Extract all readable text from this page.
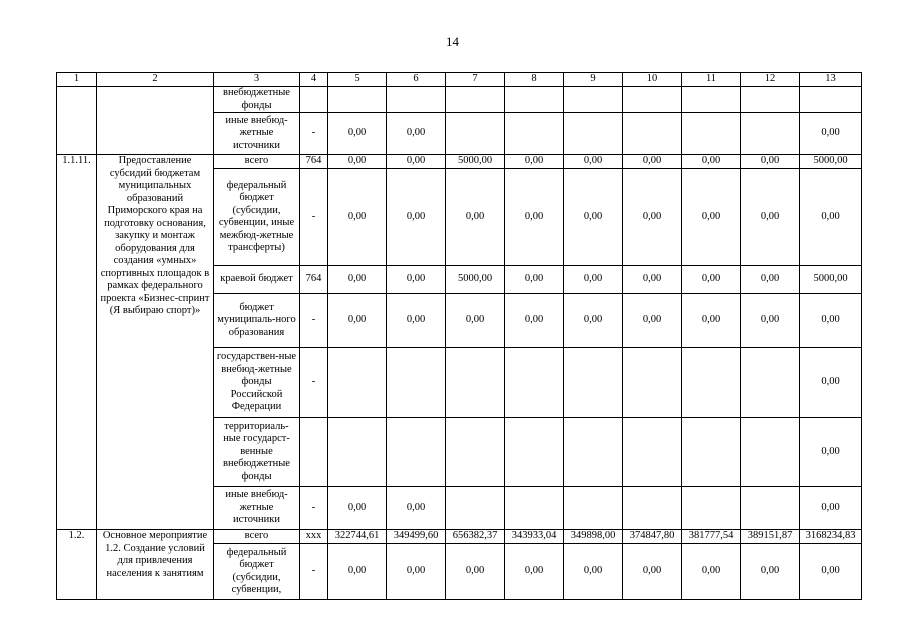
14
1	2	3	4	5	6	7	8	9	10	11	12	13
		внебюджетные фонды										
		иные внебюд-жетные источники	-	0,00	0,00							0,00
1.1.11.	Предоставление субсидий бюджетам муниципальных образований Приморского края на подготовку основания, закупку и монтаж оборудования для создания «умных» спортивных площадок в рамках федерального проекта «Бизнес-спринт (Я выбираю спорт)»	всего	764	0,00	0,00	5000,00	0,00	0,00	0,00	0,00	0,00	5000,00
		федеральный бюджет (субсидии, субвенции, иные межбюд-жетные трансферты)	-	0,00	0,00	0,00	0,00	0,00	0,00	0,00	0,00	0,00
		краевой бюджет	764	0,00	0,00	5000,00	0,00	0,00	0,00	0,00	0,00	5000,00
		бюджет муниципаль-ного образования	-	0,00	0,00	0,00	0,00	0,00	0,00	0,00	0,00	0,00
		государствен-ные внебюд-жетные фонды Российской Федерации	-									0,00
		территориаль-ные государст-венные внебюджетные фонды										0,00
		иные внебюд-жетные источники	-	0,00	0,00							0,00
1.2.	Основное мероприятие 1.2. Создание условий для привлечения населения к занятиям	всего	ххх	322744,61	349499,60	656382,37	343933,04	349898,00	374847,80	381777,54	389151,87	3168234,83
		федеральный бюджет (субсидии, субвенции,	-	0,00	0,00	0,00	0,00	0,00	0,00	0,00	0,00	0,00
